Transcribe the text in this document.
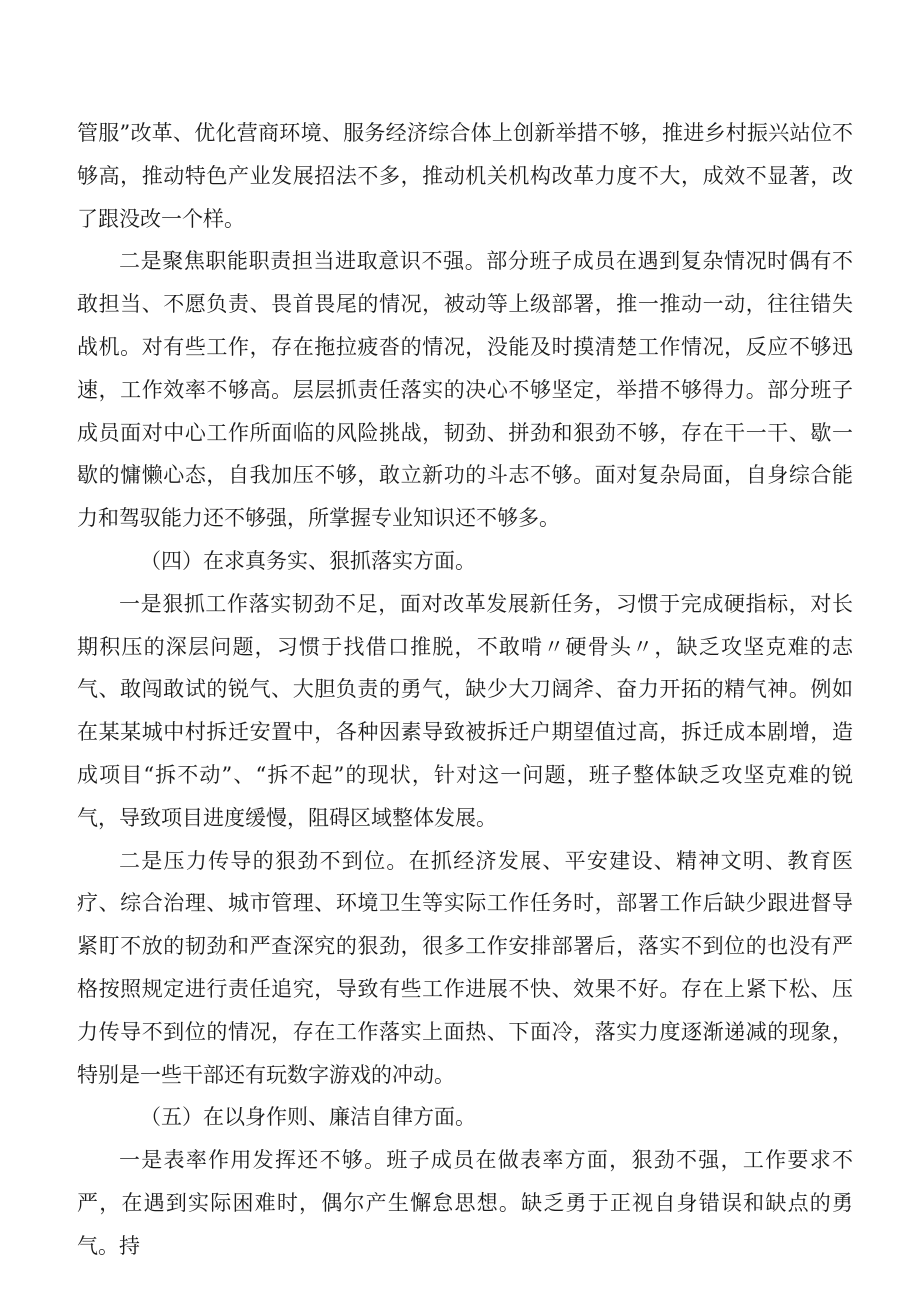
管服”改革、优化营商环境、服务经济综合体上创新举措不够，推进乡村振兴站位不够高，推动特色产业发展招法不多，推动机关机构改革力度不大，成效不显著，改了跟没改一个样。

二是聚焦职能职责担当进取意识不强。部分班子成员在遇到复杂情况时偶有不敢担当、不愿负责、畏首畏尾的情况，被动等上级部署，推一推动一动，往往错失战机。对有些工作，存在拖拉疲沓的情况，没能及时摸清楚工作情况，反应不够迅速，工作效率不够高。层层抓责任落实的决心不够坚定，举措不够得力。部分班子成员面对中心工作所面临的风险挑战，韧劲、拼劲和狠劲不够，存在干一干、歇一歇的慵懒心态，自我加压不够，敢立新功的斗志不够。面对复杂局面，自身综合能力和驾驭能力还不够强，所掌握专业知识还不够多。

（四）在求真务实、狠抓落实方面。

一是狠抓工作落实韧劲不足，面对改革发展新任务，习惯于完成硬指标，对长期积压的深层问题，习惯于找借口推脱，不敢啃〃硬骨头〃，缺乏攻坚克难的志气、敢闯敢试的锐气、大胆负责的勇气，缺少大刀阔斧、奋力开拓的精气神。例如在某某城中村拆迁安置中，各种因素导致被拆迁户期望值过高，拆迁成本剧增，造成项目“拆不动”、“拆不起”的现状，针对这一问题，班子整体缺乏攻坚克难的锐气，导致项目进度缓慢，阻碍区域整体发展。

二是压力传导的狠劲不到位。在抓经济发展、平安建设、精神文明、教育医疗、综合治理、城市管理、环境卫生等实际工作任务时，部署工作后缺少跟进督导紧盯不放的韧劲和严查深究的狠劲，很多工作安排部署后，落实不到位的也没有严格按照规定进行责任追究，导致有些工作进展不快、效果不好。存在上紧下松、压力传导不到位的情况，存在工作落实上面热、下面冷，落实力度逐渐递减的现象，特别是一些干部还有玩数字游戏的冲动。

（五）在以身作则、廉洁自律方面。

一是表率作用发挥还不够。班子成员在做表率方面，狠劲不强，工作要求不严，在遇到实际困难时，偶尔产生懈怠思想。缺乏勇于正视自身错误和缺点的勇气。持
